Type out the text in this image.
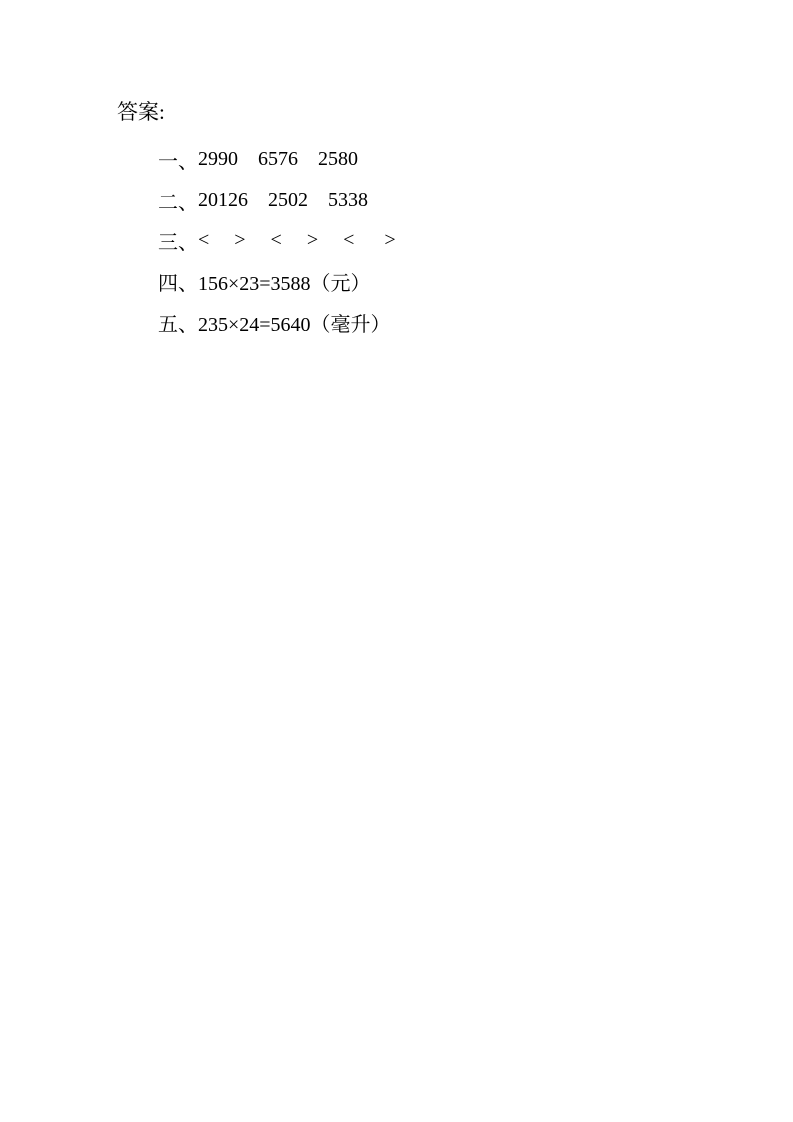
答案:
一、 2990    6576    2580
二、 20126    2502    5338
三、 <     >     <     >     <      >
四、 156×23=3588（元）
五、 235×24=5640（毫升）
